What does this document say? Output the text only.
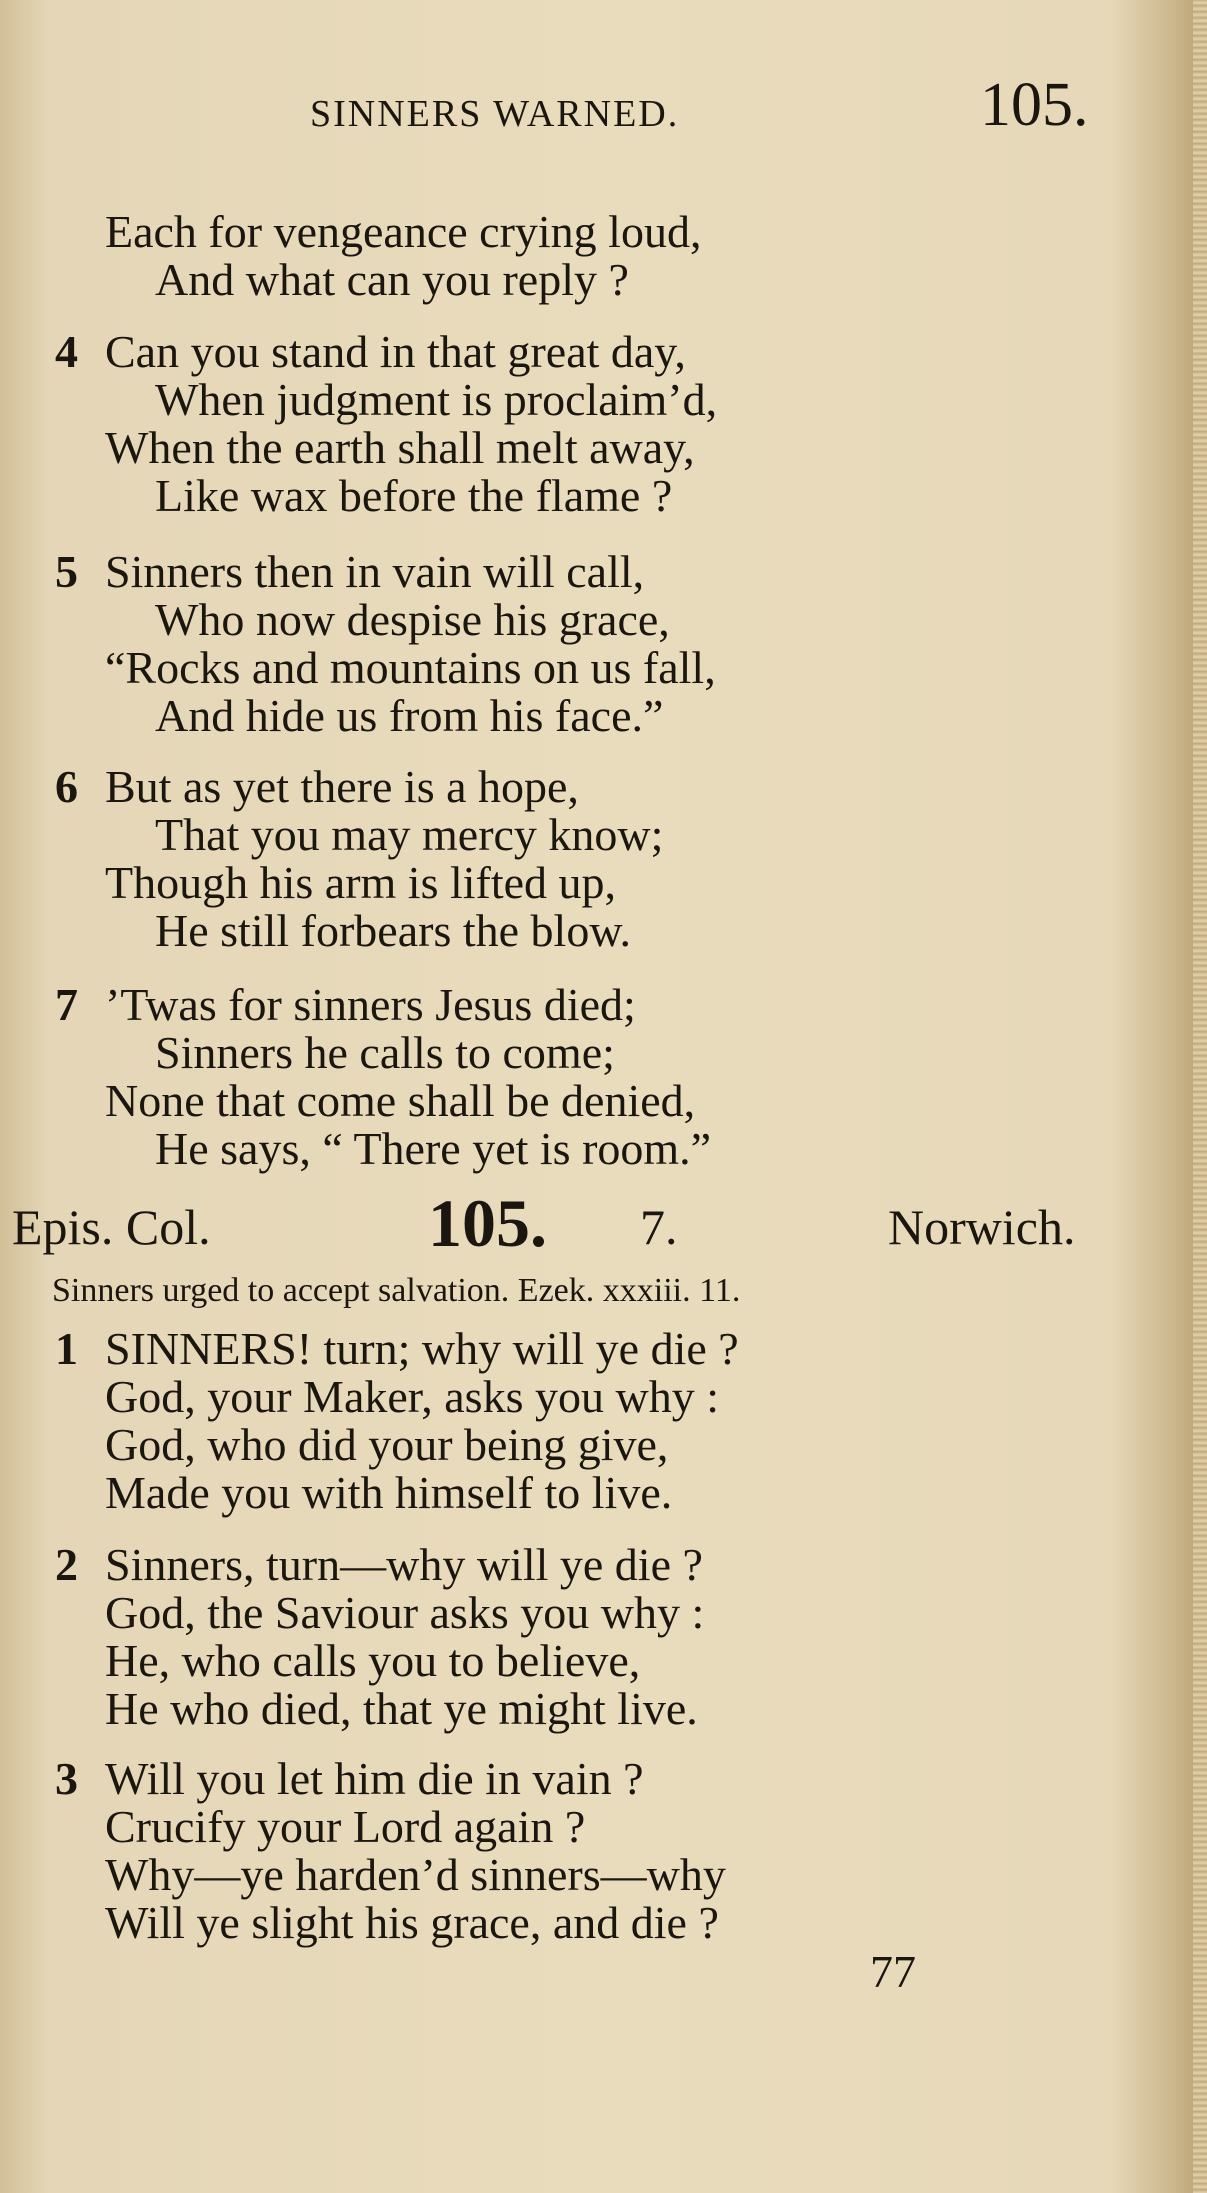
SINNERS WARNED.	105.
Each for vengeance crying loud,
And what can you reply ?
4 Can you stand in that great day,
When judgment is proclaim’d,
When the earth shall melt away,
Like wax before the flame ?
5 Sinners then in vain will call,
Who now despise his grace,
“Rocks and mountains on us fall,
And hide us from his face.”
6 But as yet there is a hope,
That you may mercy know;
Though his arm is lifted up,
He still forbears the blow.
7 ’Twas for sinners Jesus died;
Sinners he calls to come;
None that come shall be denied,
He says, “ There yet is room.”
Epis. Col.	105. 7.	Norwich.
Sinners urged to accept salvation. Ezek. xxxiii. 11.
1 SINNERS! turn; why will ye die ?
God, your Maker, asks you why :
God, who did your being give,
Made you with himself to live.
2 Sinners, turn—why will ye die ?
God, the Saviour asks you why :
He, who calls you to believe,
He who died, that ye might live.
3 Will you let him die in vain ?
Crucify your Lord again ?
Why—ye harden’d sinners—why
Will ye slight his grace, and die ?
77
